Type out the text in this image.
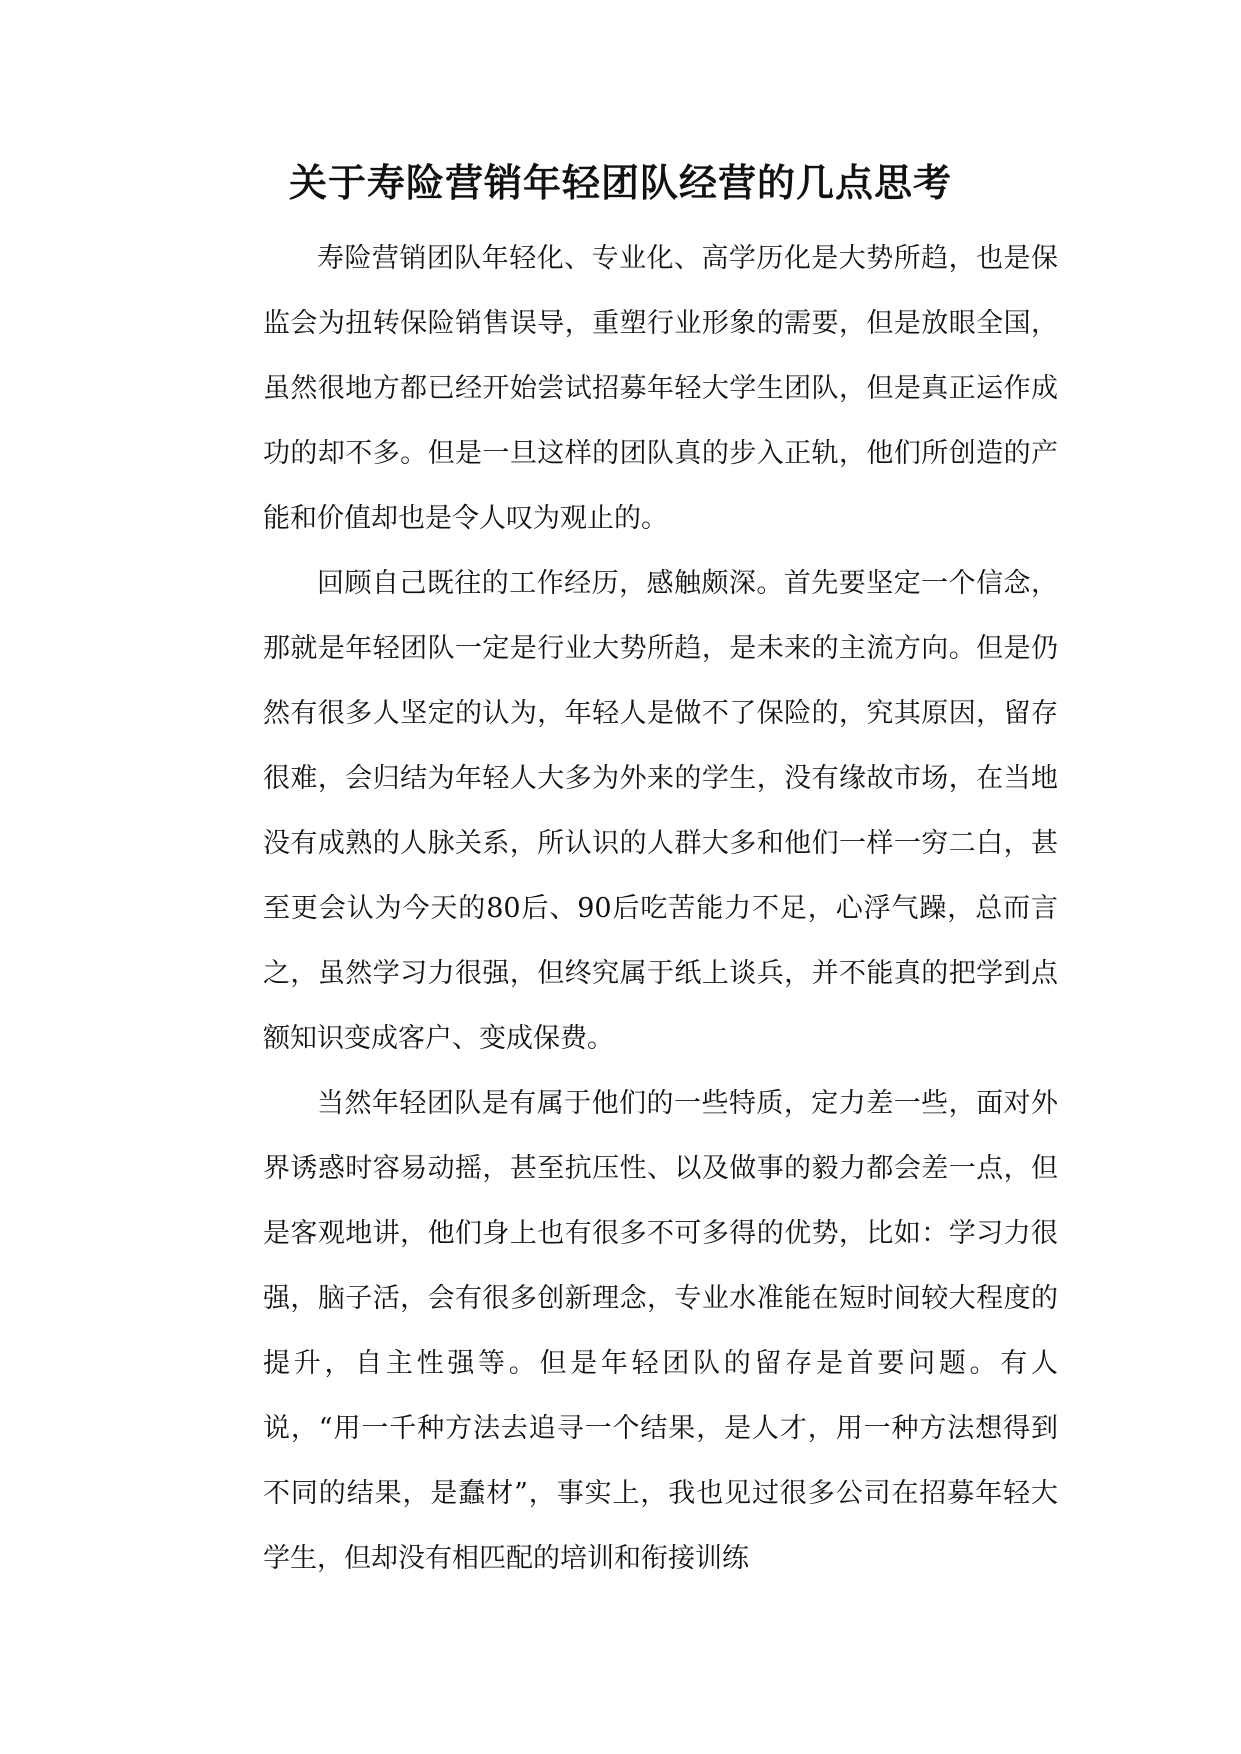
关于寿险营销年轻团队经营的几点思考

寿险营销团队年轻化、专业化、高学历化是大势所趋，也是保监会为扭转保险销售误导，重塑行业形象的需要，但是放眼全国，虽然很地方都已经开始尝试招募年轻大学生团队，但是真正运作成功的却不多。但是一旦这样的团队真的步入正轨，他们所创造的产能和价值却也是令人叹为观止的。

回顾自己既往的工作经历，感触颇深。首先要坚定一个信念，那就是年轻团队一定是行业大势所趋，是未来的主流方向。但是仍然有很多人坚定的认为，年轻人是做不了保险的，究其原因，留存很难，会归结为年轻人大多为外来的学生，没有缘故市场，在当地没有成熟的人脉关系，所认识的人群大多和他们一样一穷二白，甚至更会认为今天的80后、90后吃苦能力不足，心浮气躁，总而言之，虽然学习力很强，但终究属于纸上谈兵，并不能真的把学到点额知识变成客户、变成保费。

当然年轻团队是有属于他们的一些特质，定力差一些，面对外界诱惑时容易动摇，甚至抗压性、以及做事的毅力都会差一点，但是客观地讲，他们身上也有很多不可多得的优势，比如：学习力很强，脑子活，会有很多创新理念，专业水准能在短时间较大程度的提升，自主性强等。但是年轻团队的留存是首要问题。有人说，“用一千种方法去追寻一个结果，是人才，用一种方法想得到不同的结果，是蠢材”，事实上，我也见过很多公司在招募年轻大学生，但却没有相匹配的培训和衔接训练
